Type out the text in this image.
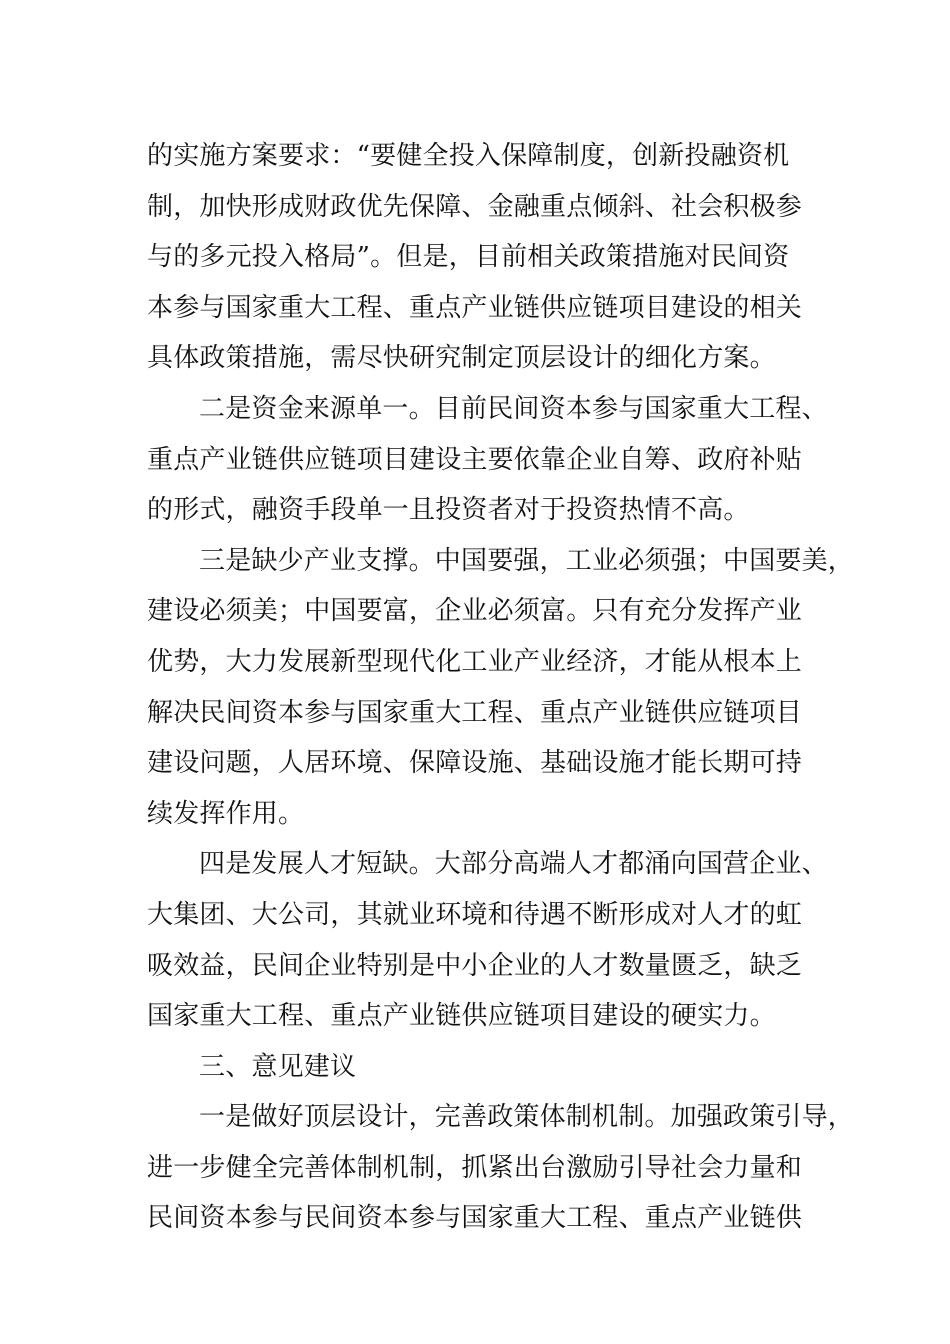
的实施方案要求：“要健全投入保障制度，创新投融资机
制，加快形成财政优先保障、金融重点倾斜、社会积极参
与的多元投入格局”。但是，目前相关政策措施对民间资
本参与国家重大工程、重点产业链供应链项目建设的相关
具体政策措施，需尽快研究制定顶层设计的细化方案。

二是资金来源单一。目前民间资本参与国家重大工程、
重点产业链供应链项目建设主要依靠企业自筹、政府补贴
的形式，融资手段单一且投资者对于投资热情不高。

三是缺少产业支撑。中国要强，工业必须强；中国要美，
建设必须美；中国要富，企业必须富。只有充分发挥产业
优势，大力发展新型现代化工业产业经济，才能从根本上
解决民间资本参与国家重大工程、重点产业链供应链项目
建设问题，人居环境、保障设施、基础设施才能长期可持
续发挥作用。

四是发展人才短缺。大部分高端人才都涌向国营企业、
大集团、大公司，其就业环境和待遇不断形成对人才的虹
吸效益，民间企业特别是中小企业的人才数量匮乏，缺乏
国家重大工程、重点产业链供应链项目建设的硬实力。

三、意见建议

一是做好顶层设计，完善政策体制机制。加强政策引导，
进一步健全完善体制机制，抓紧出台激励引导社会力量和
民间资本参与民间资本参与国家重大工程、重点产业链供
